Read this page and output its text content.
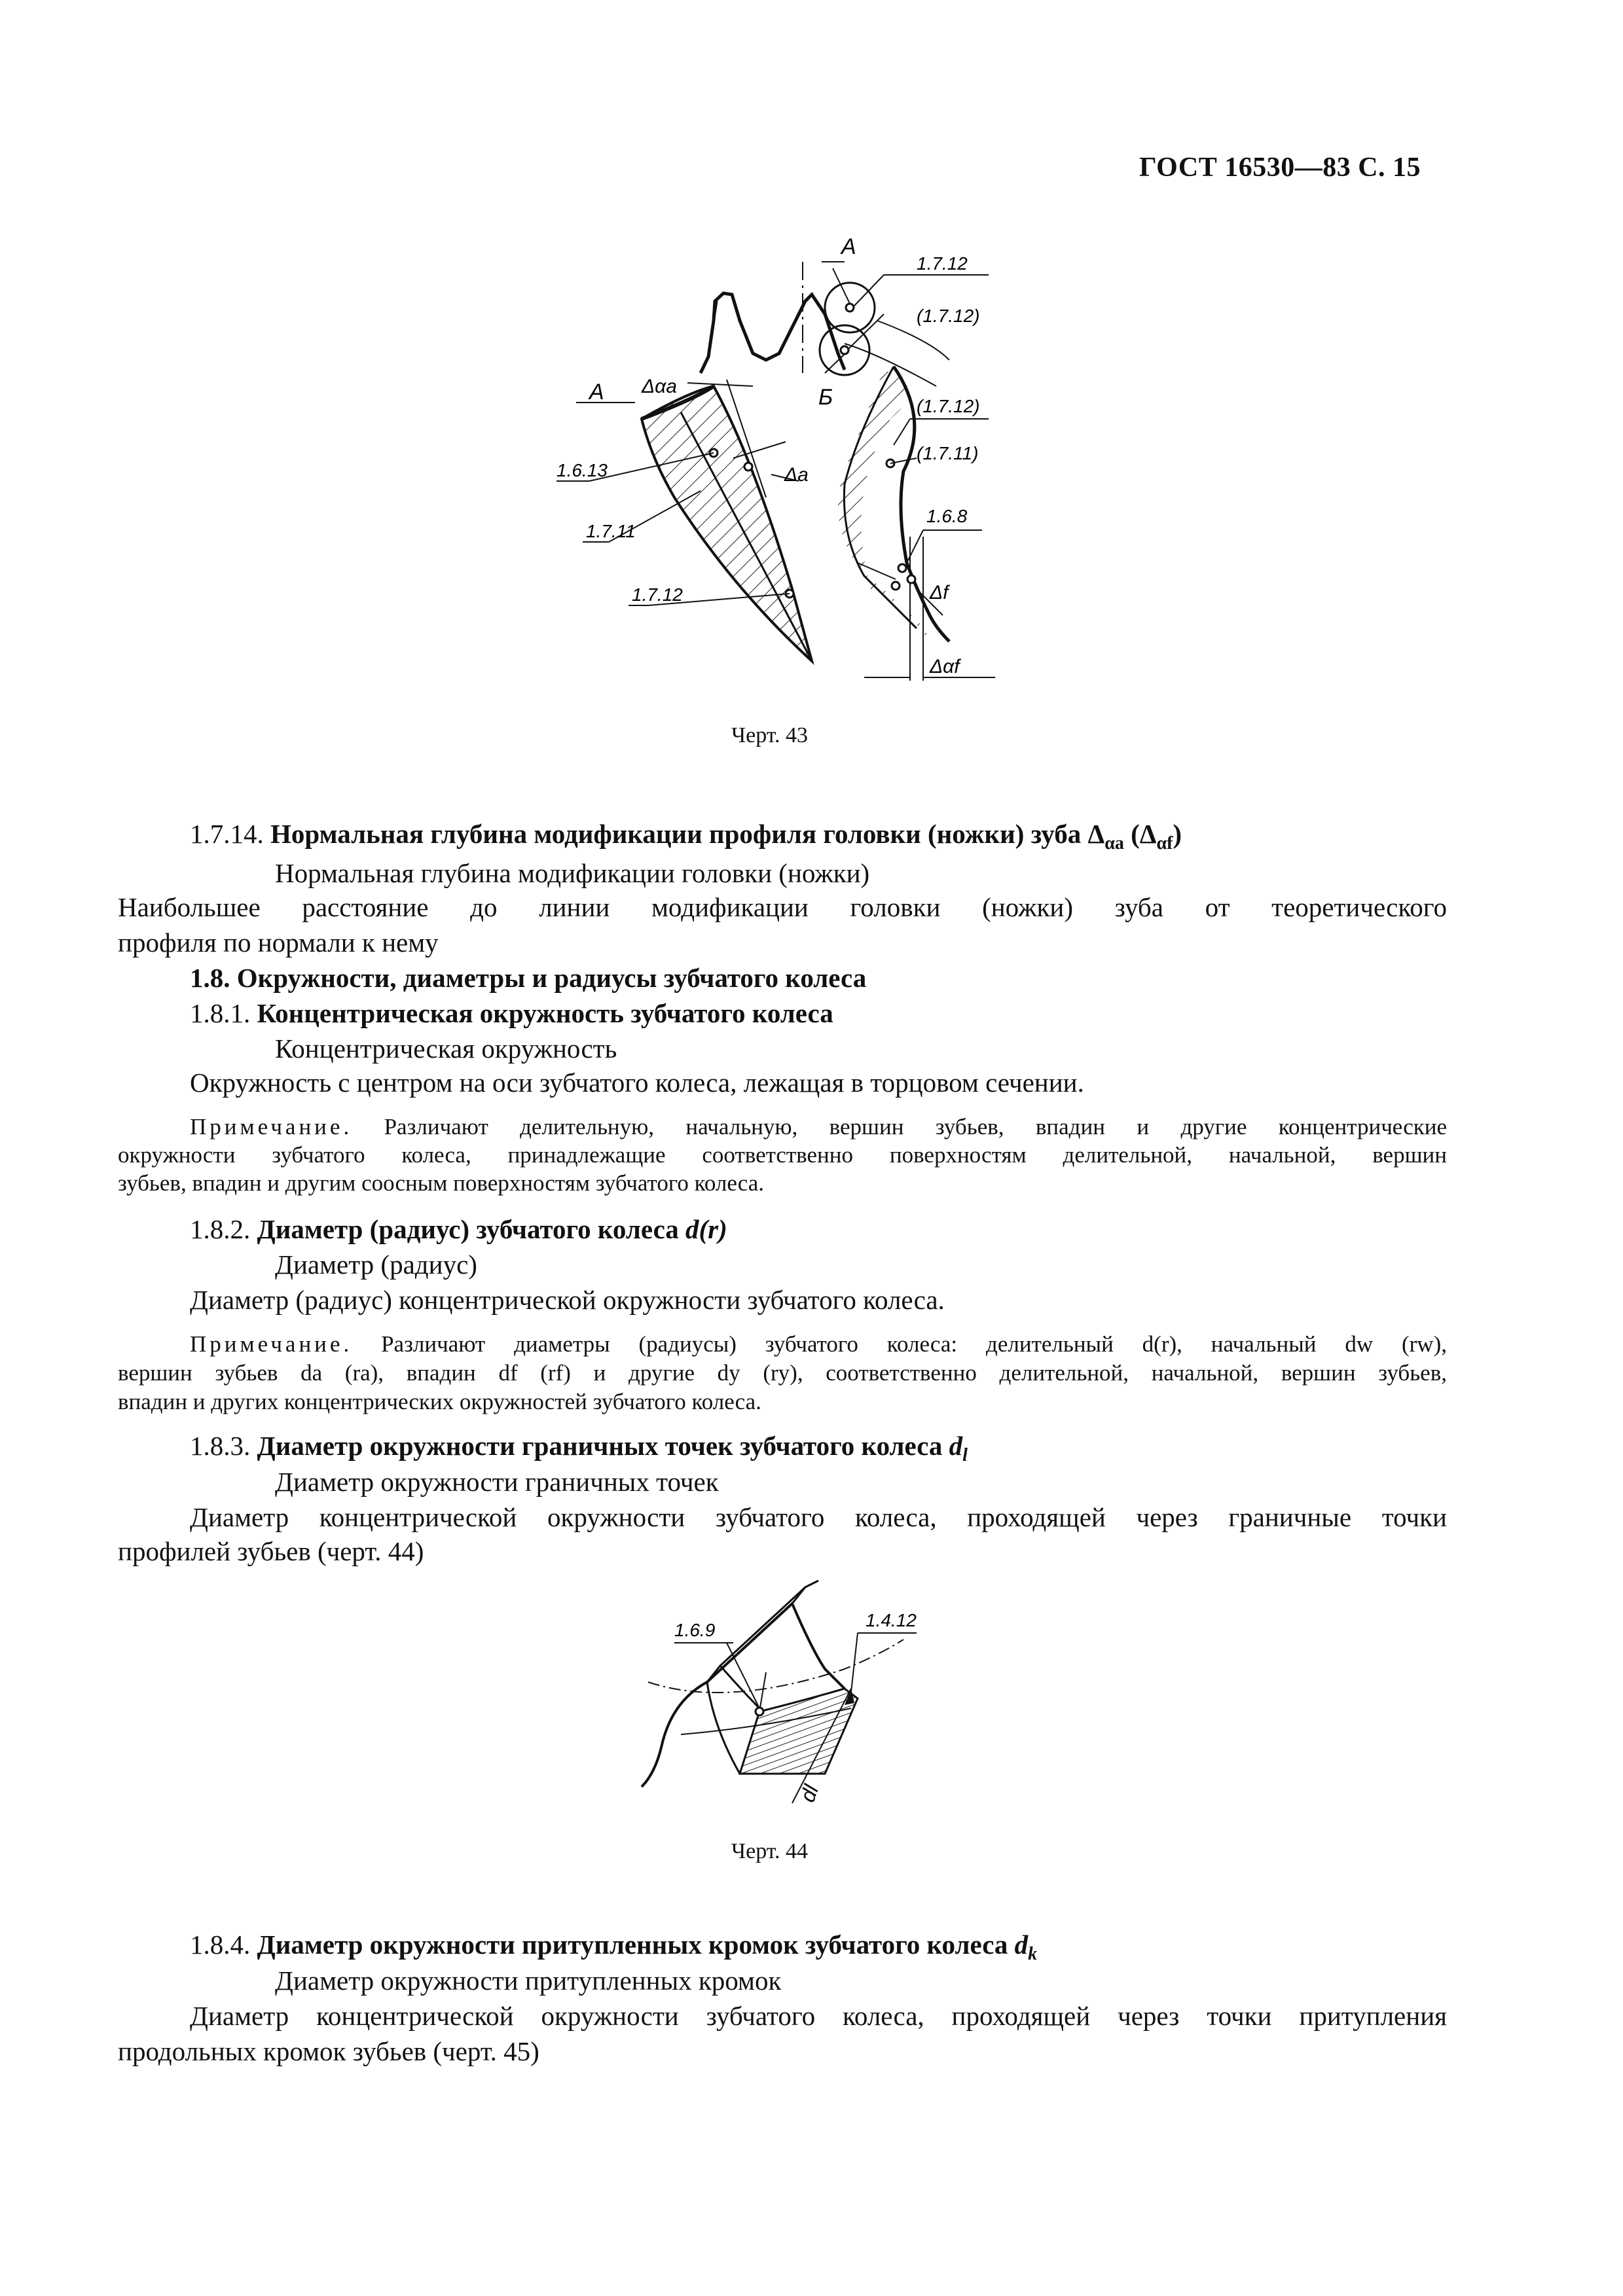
ГОСТ 16530—83 С. 15
А
1.7.12
(1.7.12)
А Δαa	Б	(1.7.12)
(1.7.11)
1.6.13	Δa
1.6.8
1.7.11
Δf
1.7.12
Δαf
Черт. 43
1.7.14. Нормальная глубина модификации профиля головки (ножки) зуба $\Delta_{\alpha a}$ $(\Delta_{\alpha f})$
Нормальная глубина модификации головки (ножки)
Наибольшее расстояние до линии модификации головки (ножки) зуба от теоретического
профиля по нормали к нему
1.8. Окружности, диаметры и радиусы зубчатого колеса
1.8.1. Концентрическая окружность зубчатого колеса
Концентрическая окружность
Окружность с центром на оси зубчатого колеса, лежащая в торцовом сечении.
Примечание. Различают делительную, начальную, вершин зубьев, впадин и другие концентрические
окружности зубчатого колеса, принадлежащие соответственно поверхностям делительной, начальной, вершин
зубьев, впадин и другим соосным поверхностям зубчатого колеса.
1.8.2. Диаметр (радиус) зубчатого колеса d(r)
Диаметр (радиус)
Диаметр (радиус) концентрической окружности зубчатого колеса.
Примечание. Различают диаметры (радиусы) зубчатого колеса: делительный d(r), начальный dw (rw),
вершин зубьев da (ra), впадин df (rf) и другие dy (ry), соответственно делительной, начальной, вершин зубьев,
впадин и других концентрических окружностей зубчатого колеса.
1.8.3. Диаметр окружности граничных точек зубчатого колеса $d_l$
Диаметр окружности граничных точек
Диаметр концентрической окружности зубчатого колеса, проходящей через граничные точки
профилей зубьев (черт. 44)
1.6.9	1.4.12
dl
Черт. 44
1.8.4. Диаметр окружности притупленных кромок зубчатого колеса $d_k$
Диаметр окружности притупленных кромок
Диаметр концентрической окружности зубчатого колеса, проходящей через точки притупления
продольных кромок зубьев (черт. 45)
